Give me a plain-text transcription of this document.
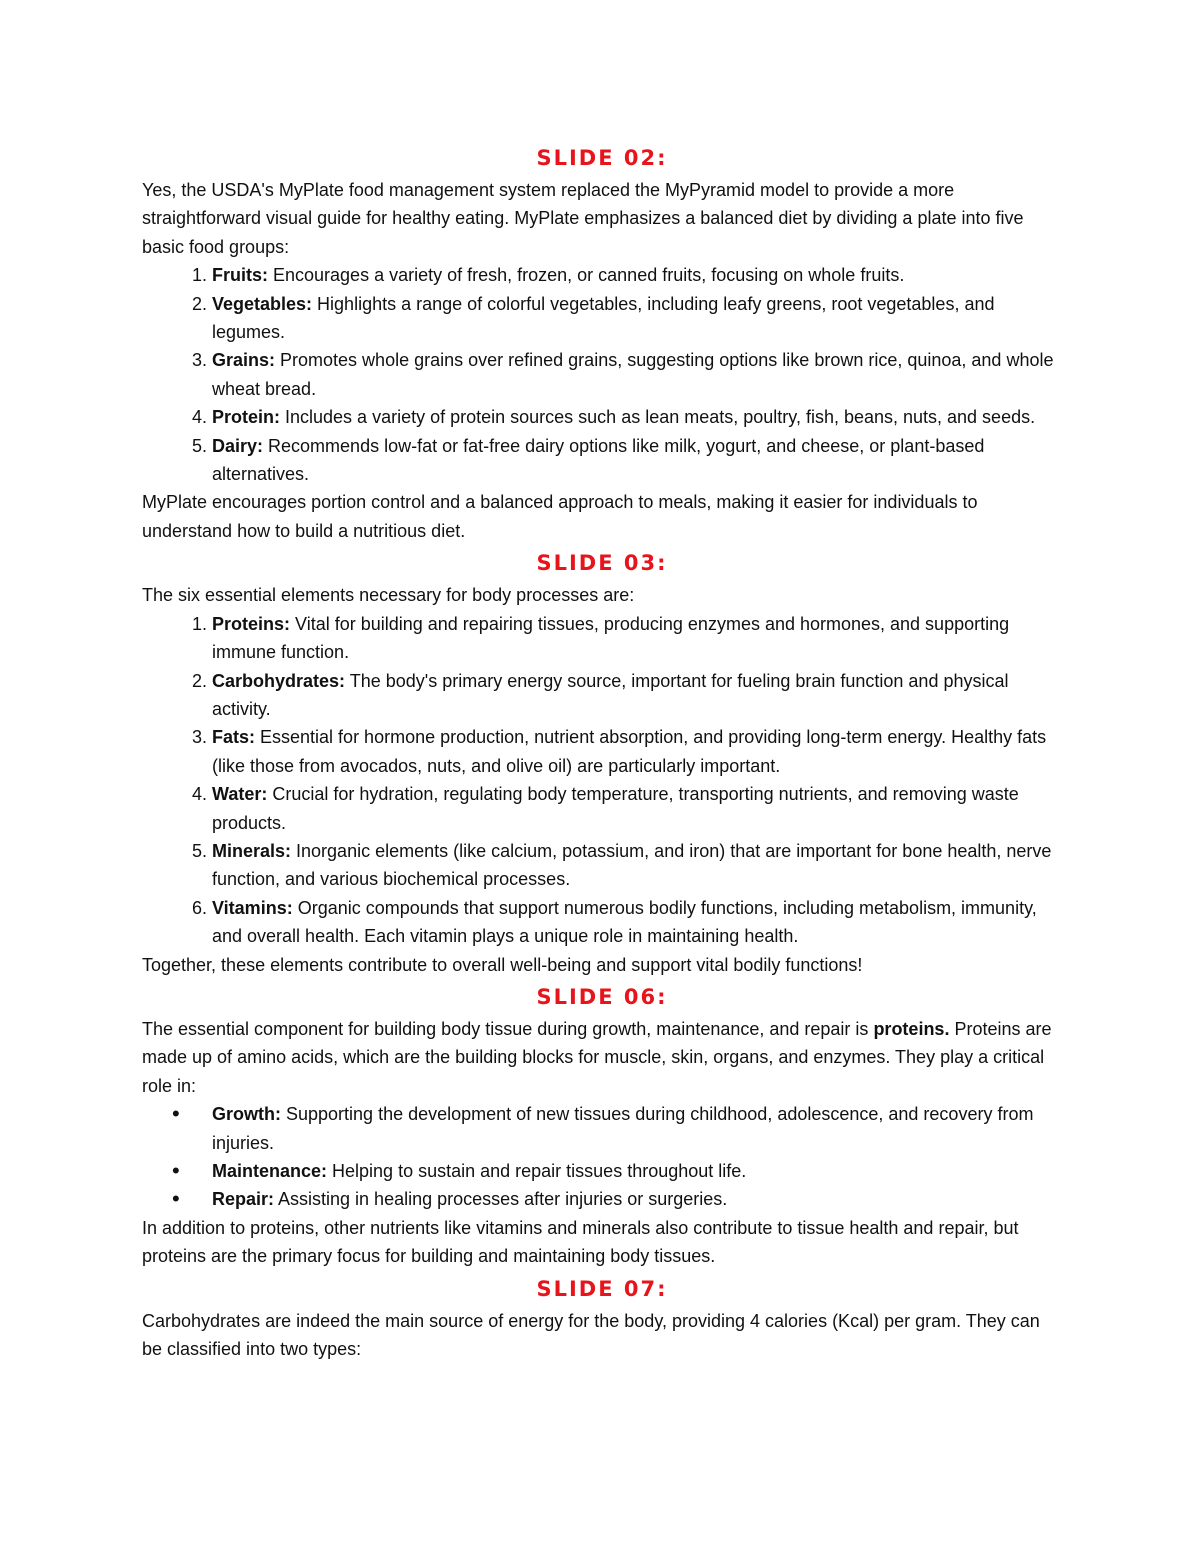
SLIDE 02:

Yes, the USDA's MyPlate food management system replaced the MyPyramid model to provide a more straightforward visual guide for healthy eating. MyPlate emphasizes a balanced diet by dividing a plate into five basic food groups:

1. Fruits: Encourages a variety of fresh, frozen, or canned fruits, focusing on whole fruits.
2. Vegetables: Highlights a range of colorful vegetables, including leafy greens, root vegetables, and legumes.
3. Grains: Promotes whole grains over refined grains, suggesting options like brown rice, quinoa, and whole wheat bread.
4. Protein: Includes a variety of protein sources such as lean meats, poultry, fish, beans, nuts, and seeds.
5. Dairy: Recommends low-fat or fat-free dairy options like milk, yogurt, and cheese, or plant-based alternatives.

MyPlate encourages portion control and a balanced approach to meals, making it easier for individuals to understand how to build a nutritious diet.

SLIDE 03:

The six essential elements necessary for body processes are:

1. Proteins: Vital for building and repairing tissues, producing enzymes and hormones, and supporting immune function.
2. Carbohydrates: The body's primary energy source, important for fueling brain function and physical activity.
3. Fats: Essential for hormone production, nutrient absorption, and providing long-term energy. Healthy fats (like those from avocados, nuts, and olive oil) are particularly important.
4. Water: Crucial for hydration, regulating body temperature, transporting nutrients, and removing waste products.
5. Minerals: Inorganic elements (like calcium, potassium, and iron) that are important for bone health, nerve function, and various biochemical processes.
6. Vitamins: Organic compounds that support numerous bodily functions, including metabolism, immunity, and overall health. Each vitamin plays a unique role in maintaining health.

Together, these elements contribute to overall well-being and support vital bodily functions!

SLIDE 06:

The essential component for building body tissue during growth, maintenance, and repair is proteins. Proteins are made up of amino acids, which are the building blocks for muscle, skin, organs, and enzymes. They play a critical role in:

• Growth: Supporting the development of new tissues during childhood, adolescence, and recovery from injuries.
• Maintenance: Helping to sustain and repair tissues throughout life.
• Repair: Assisting in healing processes after injuries or surgeries.

In addition to proteins, other nutrients like vitamins and minerals also contribute to tissue health and repair, but proteins are the primary focus for building and maintaining body tissues.

SLIDE 07:

Carbohydrates are indeed the main source of energy for the body, providing 4 calories (Kcal) per gram. They can be classified into two types:
